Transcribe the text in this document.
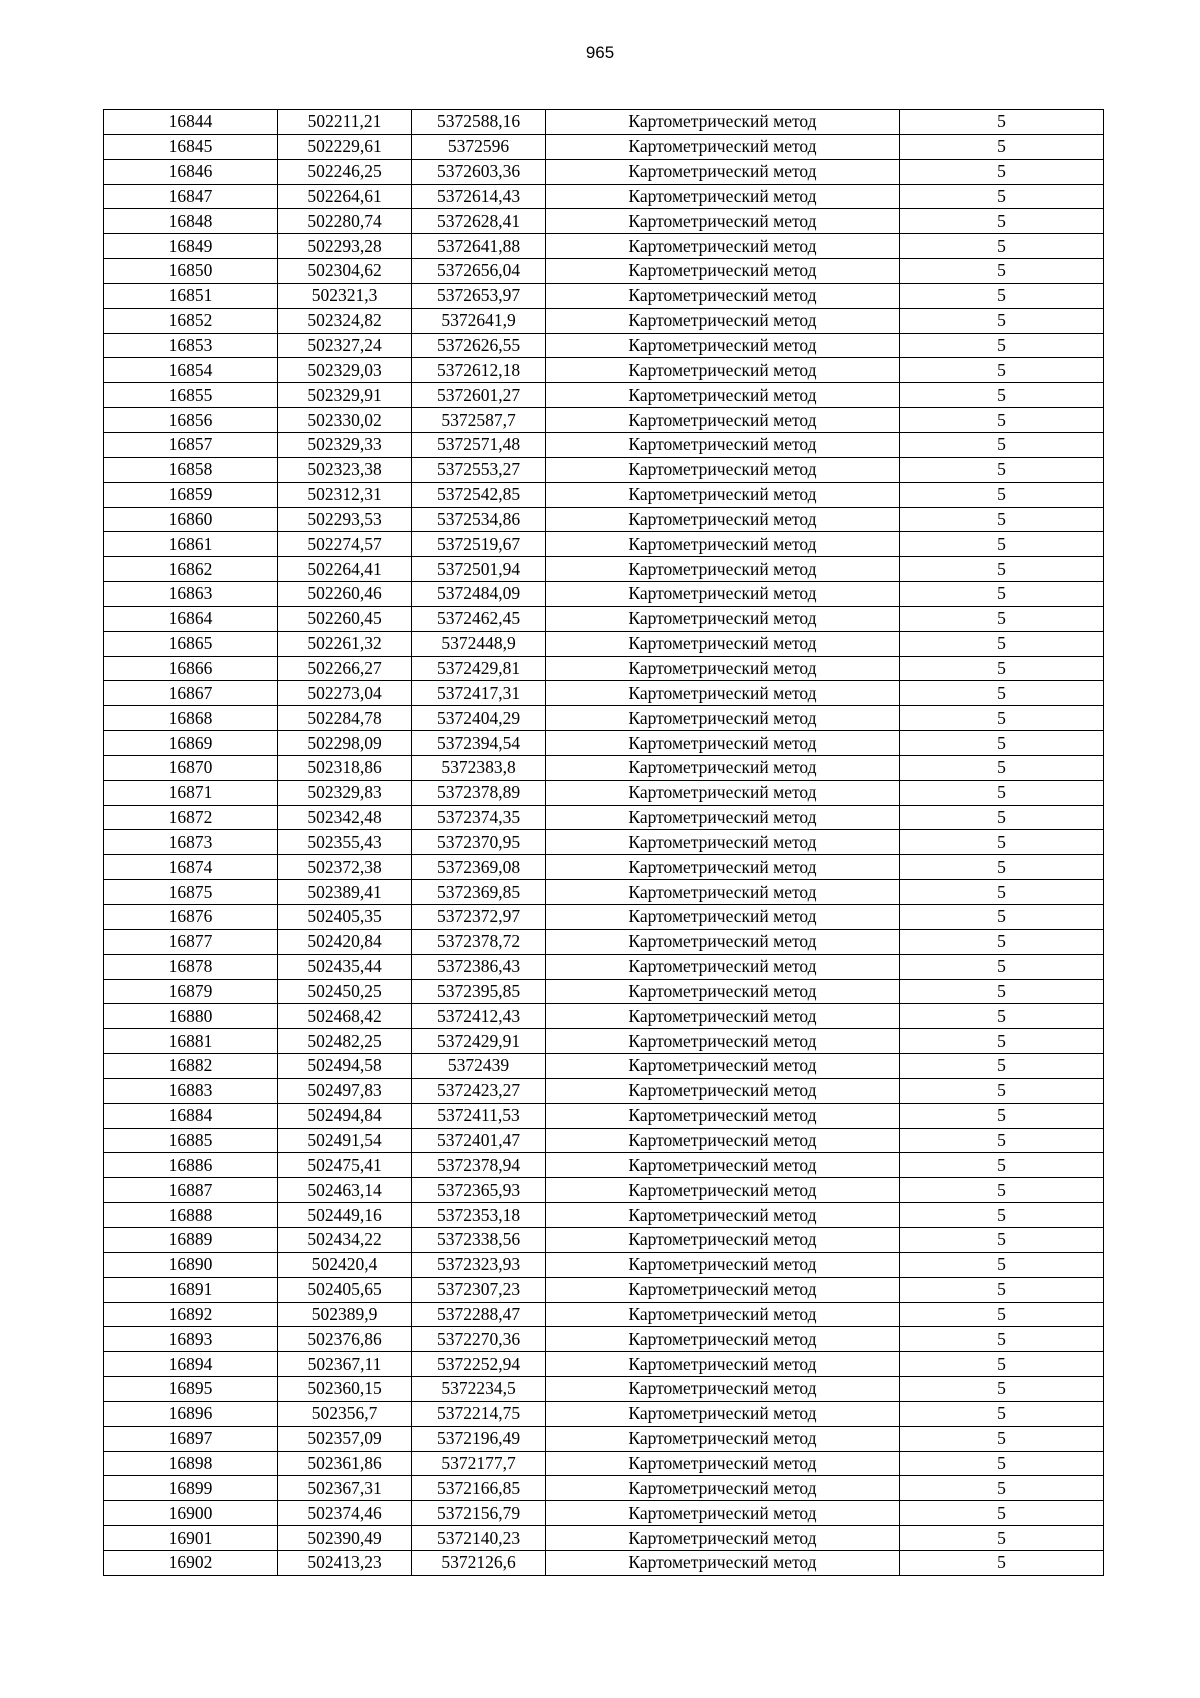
965
16844	502211,21	5372588,16	Картометрический метод	5
16845	502229,61	5372596	Картометрический метод	5
16846	502246,25	5372603,36	Картометрический метод	5
16847	502264,61	5372614,43	Картометрический метод	5
16848	502280,74	5372628,41	Картометрический метод	5
16849	502293,28	5372641,88	Картометрический метод	5
16850	502304,62	5372656,04	Картометрический метод	5
16851	502321,3	5372653,97	Картометрический метод	5
16852	502324,82	5372641,9	Картометрический метод	5
16853	502327,24	5372626,55	Картометрический метод	5
16854	502329,03	5372612,18	Картометрический метод	5
16855	502329,91	5372601,27	Картометрический метод	5
16856	502330,02	5372587,7	Картометрический метод	5
16857	502329,33	5372571,48	Картометрический метод	5
16858	502323,38	5372553,27	Картометрический метод	5
16859	502312,31	5372542,85	Картометрический метод	5
16860	502293,53	5372534,86	Картометрический метод	5
16861	502274,57	5372519,67	Картометрический метод	5
16862	502264,41	5372501,94	Картометрический метод	5
16863	502260,46	5372484,09	Картометрический метод	5
16864	502260,45	5372462,45	Картометрический метод	5
16865	502261,32	5372448,9	Картометрический метод	5
16866	502266,27	5372429,81	Картометрический метод	5
16867	502273,04	5372417,31	Картометрический метод	5
16868	502284,78	5372404,29	Картометрический метод	5
16869	502298,09	5372394,54	Картометрический метод	5
16870	502318,86	5372383,8	Картометрический метод	5
16871	502329,83	5372378,89	Картометрический метод	5
16872	502342,48	5372374,35	Картометрический метод	5
16873	502355,43	5372370,95	Картометрический метод	5
16874	502372,38	5372369,08	Картометрический метод	5
16875	502389,41	5372369,85	Картометрический метод	5
16876	502405,35	5372372,97	Картометрический метод	5
16877	502420,84	5372378,72	Картометрический метод	5
16878	502435,44	5372386,43	Картометрический метод	5
16879	502450,25	5372395,85	Картометрический метод	5
16880	502468,42	5372412,43	Картометрический метод	5
16881	502482,25	5372429,91	Картометрический метод	5
16882	502494,58	5372439	Картометрический метод	5
16883	502497,83	5372423,27	Картометрический метод	5
16884	502494,84	5372411,53	Картометрический метод	5
16885	502491,54	5372401,47	Картометрический метод	5
16886	502475,41	5372378,94	Картометрический метод	5
16887	502463,14	5372365,93	Картометрический метод	5
16888	502449,16	5372353,18	Картометрический метод	5
16889	502434,22	5372338,56	Картометрический метод	5
16890	502420,4	5372323,93	Картометрический метод	5
16891	502405,65	5372307,23	Картометрический метод	5
16892	502389,9	5372288,47	Картометрический метод	5
16893	502376,86	5372270,36	Картометрический метод	5
16894	502367,11	5372252,94	Картометрический метод	5
16895	502360,15	5372234,5	Картометрический метод	5
16896	502356,7	5372214,75	Картометрический метод	5
16897	502357,09	5372196,49	Картометрический метод	5
16898	502361,86	5372177,7	Картометрический метод	5
16899	502367,31	5372166,85	Картометрический метод	5
16900	502374,46	5372156,79	Картометрический метод	5
16901	502390,49	5372140,23	Картометрический метод	5
16902	502413,23	5372126,6	Картометрический метод	5
